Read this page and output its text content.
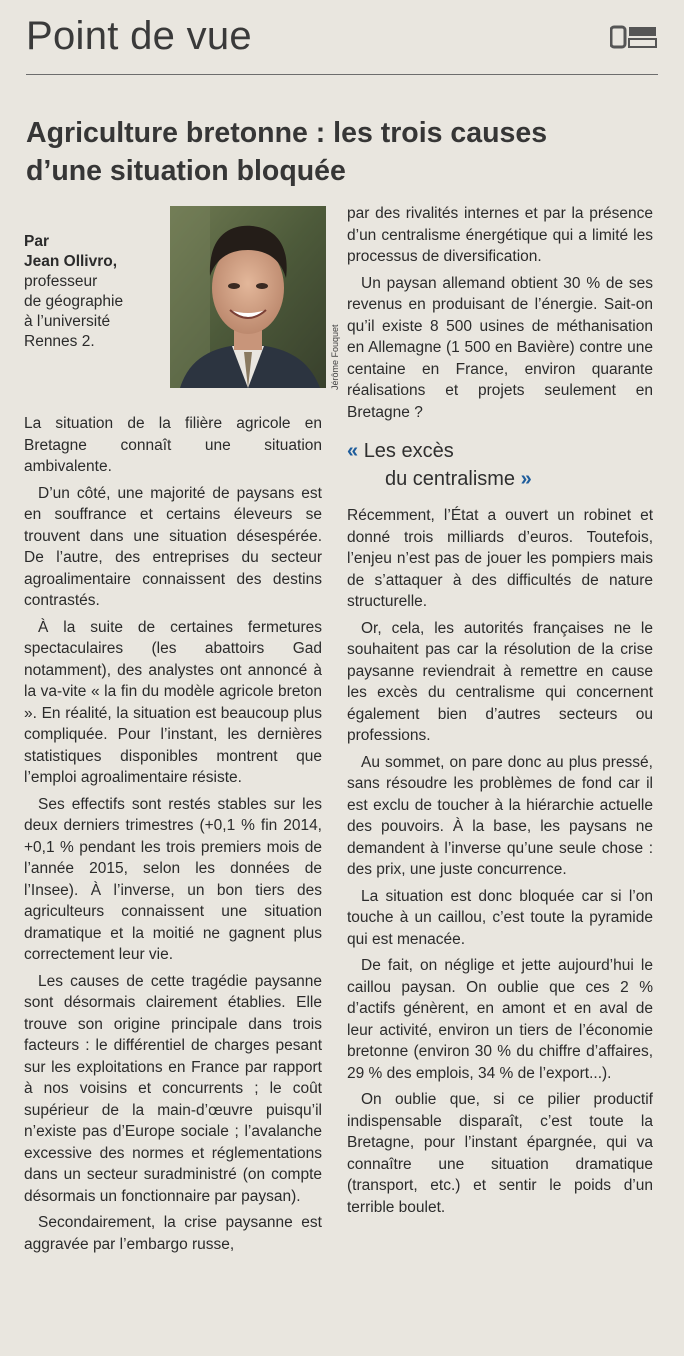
Point de vue
Agriculture bretonne : les trois causes
d’une situation bloquée
Par
Jean Ollivro,
professeur
de géographie
à l’université
Rennes 2.	Jérôme Fouquet

La situation de la filière agricole en Bretagne connaît une situation ambivalente.

D’un côté, une majorité de paysans est en souffrance et certains éleveurs se trouvent dans une situation désespérée. De l’autre, des entreprises du secteur agroalimentaire connaissent des destins contrastés.

À la suite de certaines fermetures spectaculaires (les abattoirs Gad notamment), des analystes ont annoncé à la va-vite « la fin du modèle agricole breton ». En réalité, la situation est beaucoup plus compliquée. Pour l’instant, les dernières statistiques disponibles montrent que l’emploi agroalimentaire résiste.

Ses effectifs sont restés stables sur les deux derniers trimestres (+0,1 % fin 2014, +0,1 % pendant les trois premiers mois de l’année 2015, selon les données de l’Insee). À l’inverse, un bon tiers des agriculteurs connaissent une situation dramatique et la moitié ne gagnent plus correctement leur vie.

Les causes de cette tragédie paysanne sont désormais clairement établies. Elle trouve son origine principale dans trois facteurs : le différentiel de charges pesant sur les exploitations en France par rapport à nos voisins et concurrents ; le coût supérieur de la main-d’œuvre puisqu’il n’existe pas d’Europe sociale ; l’avalanche excessive des normes et réglementations dans un secteur suradministré (on compte désormais un fonctionnaire par paysan).

Secondairement, la crise paysanne est aggravée par l’embargo russe,

par des rivalités internes et par la présence d’un centralisme énergétique qui a limité les processus de diversification.

Un paysan allemand obtient 30 % de ses revenus en produisant de l’énergie. Sait-on qu’il existe 8 500 usines de méthanisation en Allemagne (1 500 en Bavière) contre une centaine en France, environ quarante réalisations et projets seulement en Bretagne ?

« Les excès
du centralisme »

Récemment, l’État a ouvert un robinet et donné trois milliards d’euros. Toutefois, l’enjeu n’est pas de jouer les pompiers mais de s’attaquer à des difficultés de nature structurelle.

Or, cela, les autorités françaises ne le souhaitent pas car la résolution de la crise paysanne reviendrait à remettre en cause les excès du centralisme qui concernent également bien d’autres secteurs ou professions.

Au sommet, on pare donc au plus pressé, sans résoudre les problèmes de fond car il est exclu de toucher à la hiérarchie actuelle des pouvoirs. À la base, les paysans ne demandent à l’inverse qu’une seule chose : des prix, une juste concurrence.

La situation est donc bloquée car si l’on touche à un caillou, c’est toute la pyramide qui est menacée.

De fait, on néglige et jette aujourd’hui le caillou paysan. On oublie que ces 2 % d’actifs génèrent, en amont et en aval de leur activité, environ un tiers de l’économie bretonne (environ 30 % du chiffre d’affaires, 29 % des emplois, 34 % de l’export...).

On oublie que, si ce pilier productif indispensable disparaît, c’est toute la Bretagne, pour l’instant épargnée, qui va connaître une situation dramatique (transport, etc.) et sentir le poids d’un terrible boulet.
